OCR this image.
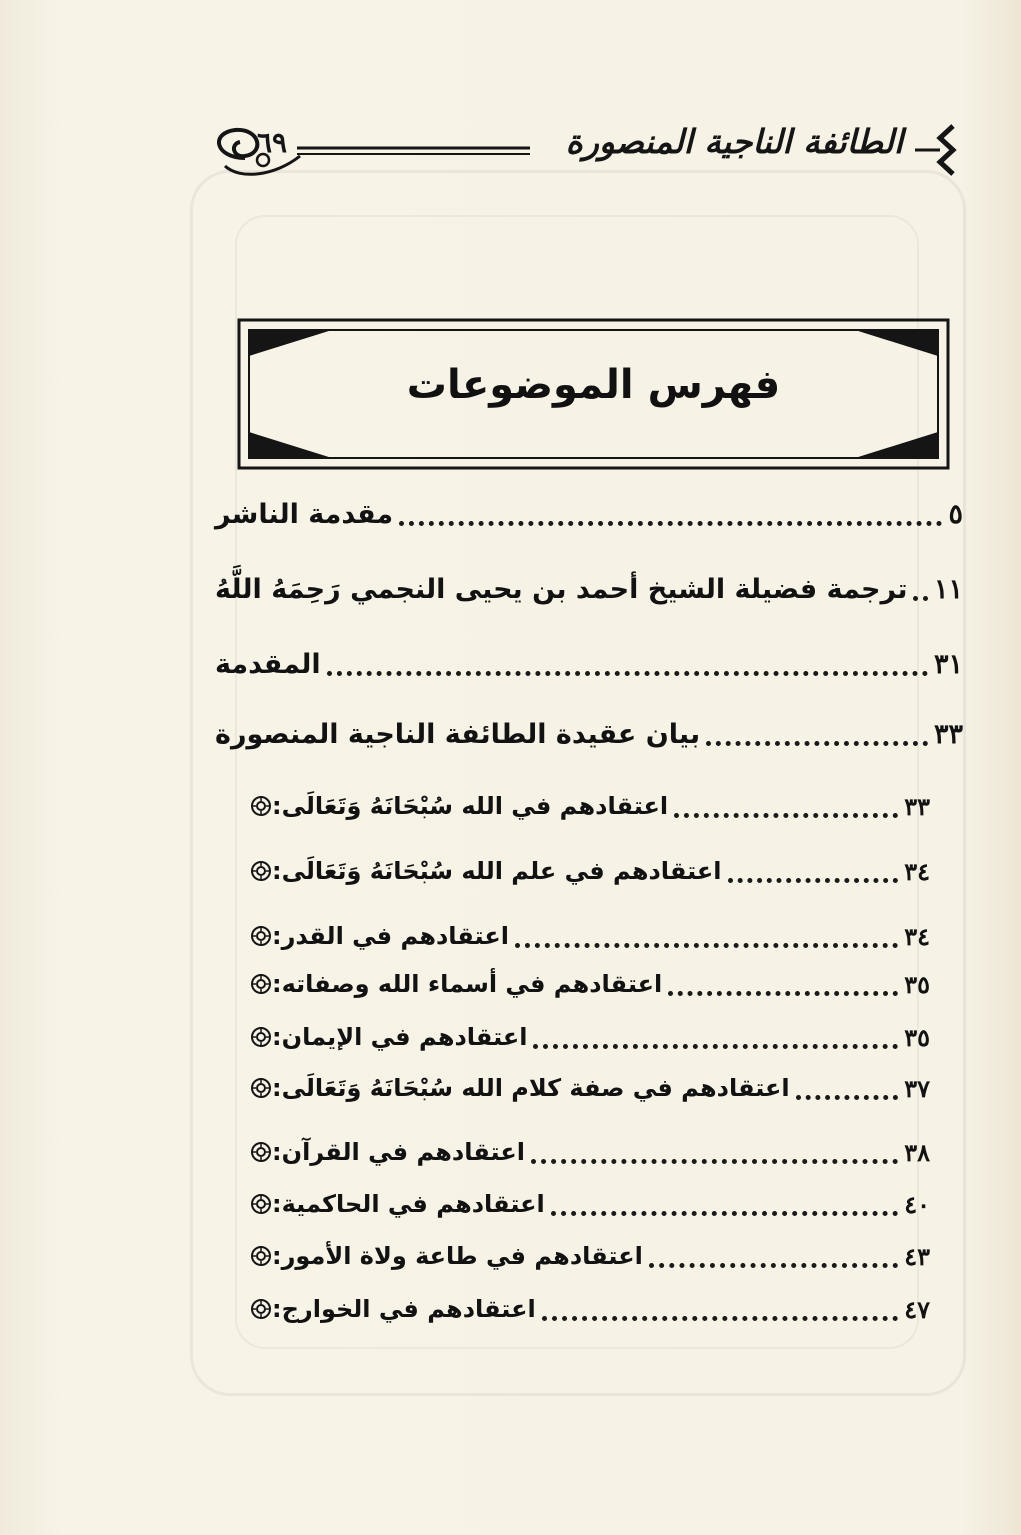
الطائفة الناجية المنصورة
٦٩
فهرس الموضوعات
مقدمة الناشر	٥
ترجمة فضيلة الشيخ أحمد بن يحيى النجمي رَحِمَهُ اللَّهُ ١١
المقدمة	٣١
بيان عقيدة الطائفة الناجية المنصورة	٣٣
اعتقادهم في الله سُبْحَانَهُ وَتَعَالَى:	٣٣
اعتقادهم في علم الله سُبْحَانَهُ وَتَعَالَى:	٣٤
اعتقادهم في القدر:	٣٤
اعتقادهم في أسماء الله وصفاته:	٣٥
اعتقادهم في الإيمان:	٣٥
اعتقادهم في صفة كلام الله سُبْحَانَهُ وَتَعَالَى:	٣٧
اعتقادهم في القرآن:	٣٨
اعتقادهم في الحاكمية:	٤٠
اعتقادهم في طاعة ولاة الأمور:	٤٣
اعتقادهم في الخوارج:	٤٧
